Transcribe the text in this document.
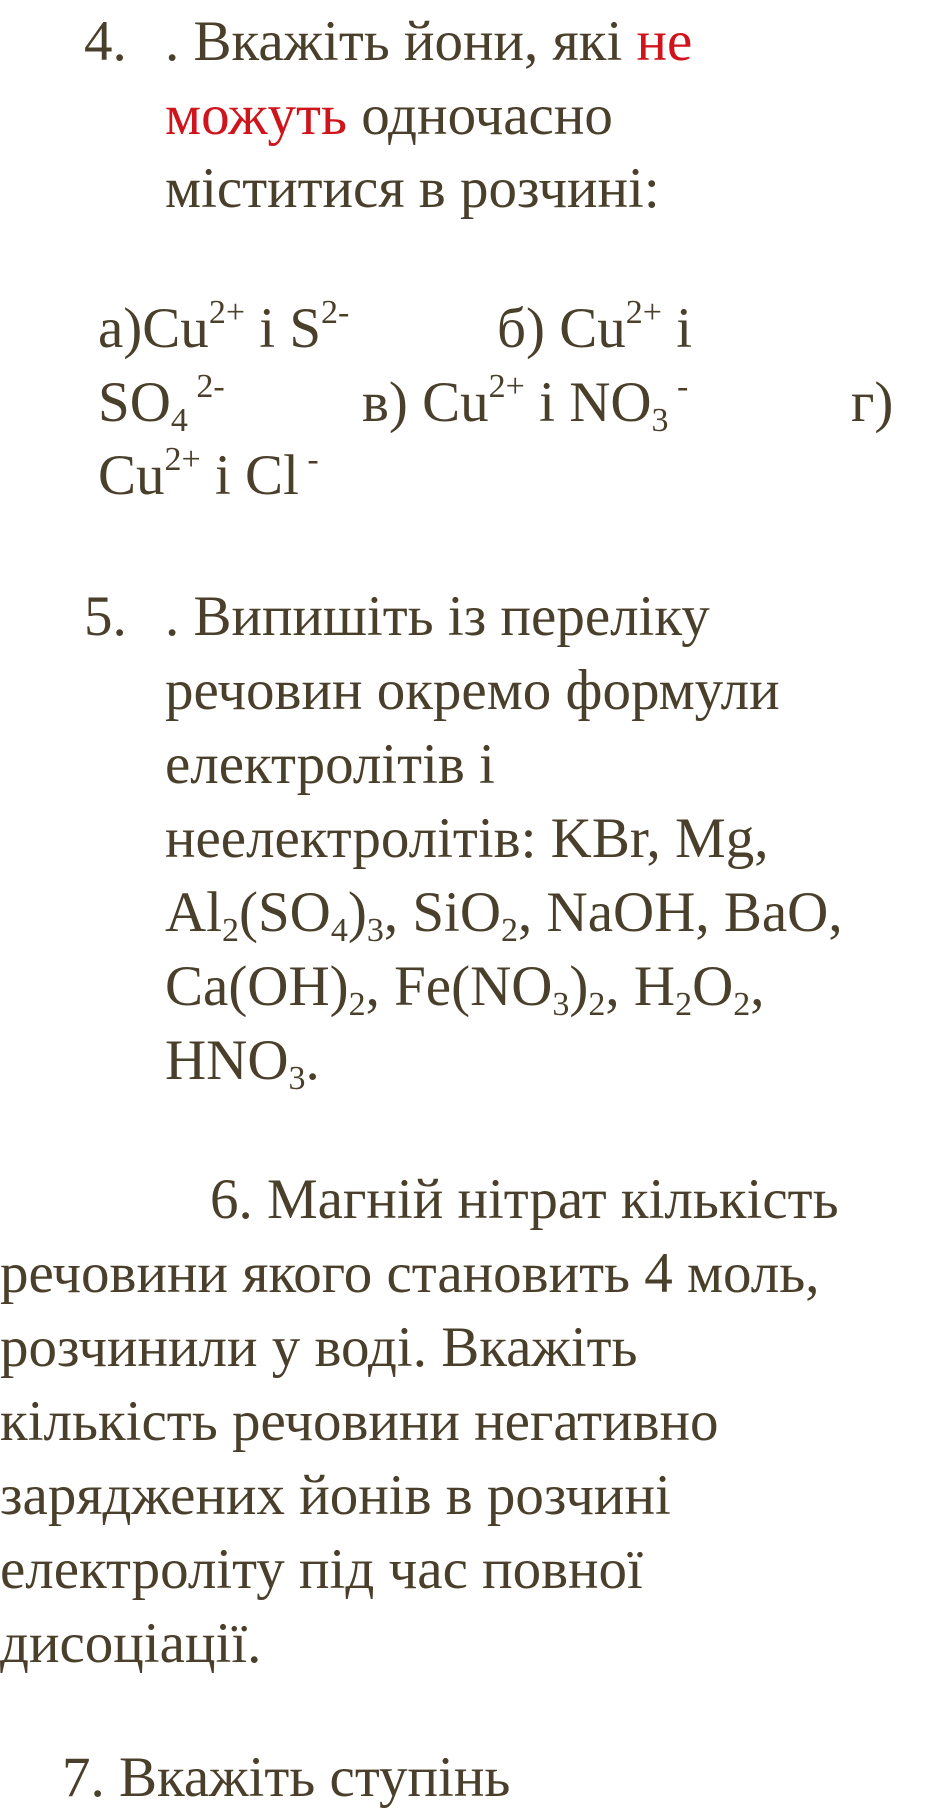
4. . Вкажіть йони, які не

можуть одночасно

міститися в розчині:

$а)Cu^{2+}$ і $S^{2-}$	б) $Cu^{2+}$ і

$SO_4$ $^{2-}$ в) $Cu^{2+}$ і $NO_3$ -	г)

$Cu^{2+}$ і Cl -

5. . Випишіть із переліку

речовин окремо формули

електролітів і

неелектролітів: KBr, Mg,

$Al_2(SO_4)_3$, SiO$_2$, NaOH, BaO,

$Ca(OH)_2$, $Fe(NO_3)_2$, $H_2O_2$,

$HNO_3$.

6. Магній нітрат кількість

речовини якого становить 4 моль,

розчинили у воді. Вкажіть

кількість речовини негативно

заряджених йонів в розчині

електроліту під час повної

дисоціації.

7. Вкажіть ступінь
